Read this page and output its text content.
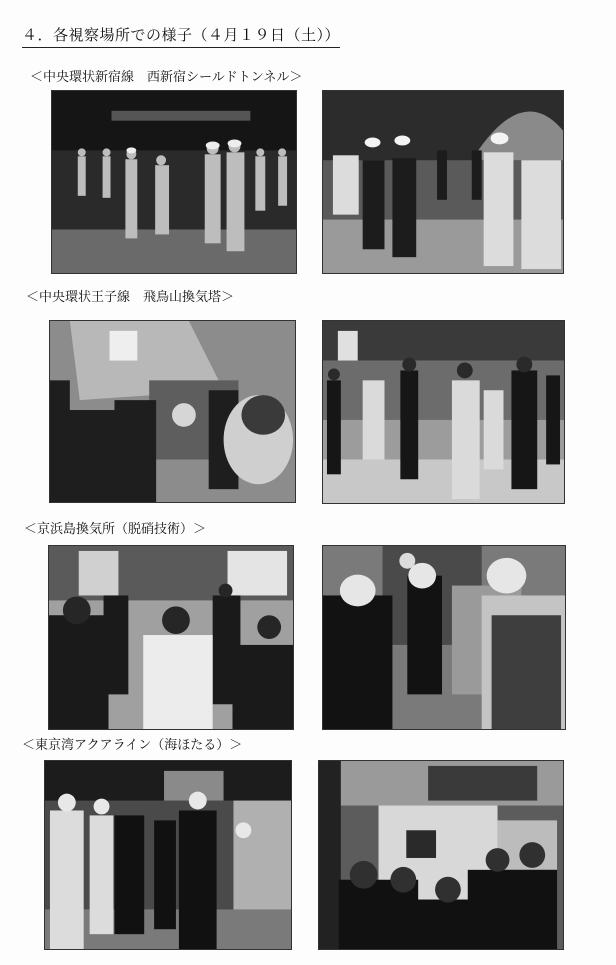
４．各視察場所での様子（４月１９日（土））
＜中央環状新宿線　西新宿シールドトンネル＞
＜中央環状王子線　飛鳥山換気塔＞
＜京浜島換気所（脱硝技術）＞
＜東京湾アクアライン（海ほたる）＞
